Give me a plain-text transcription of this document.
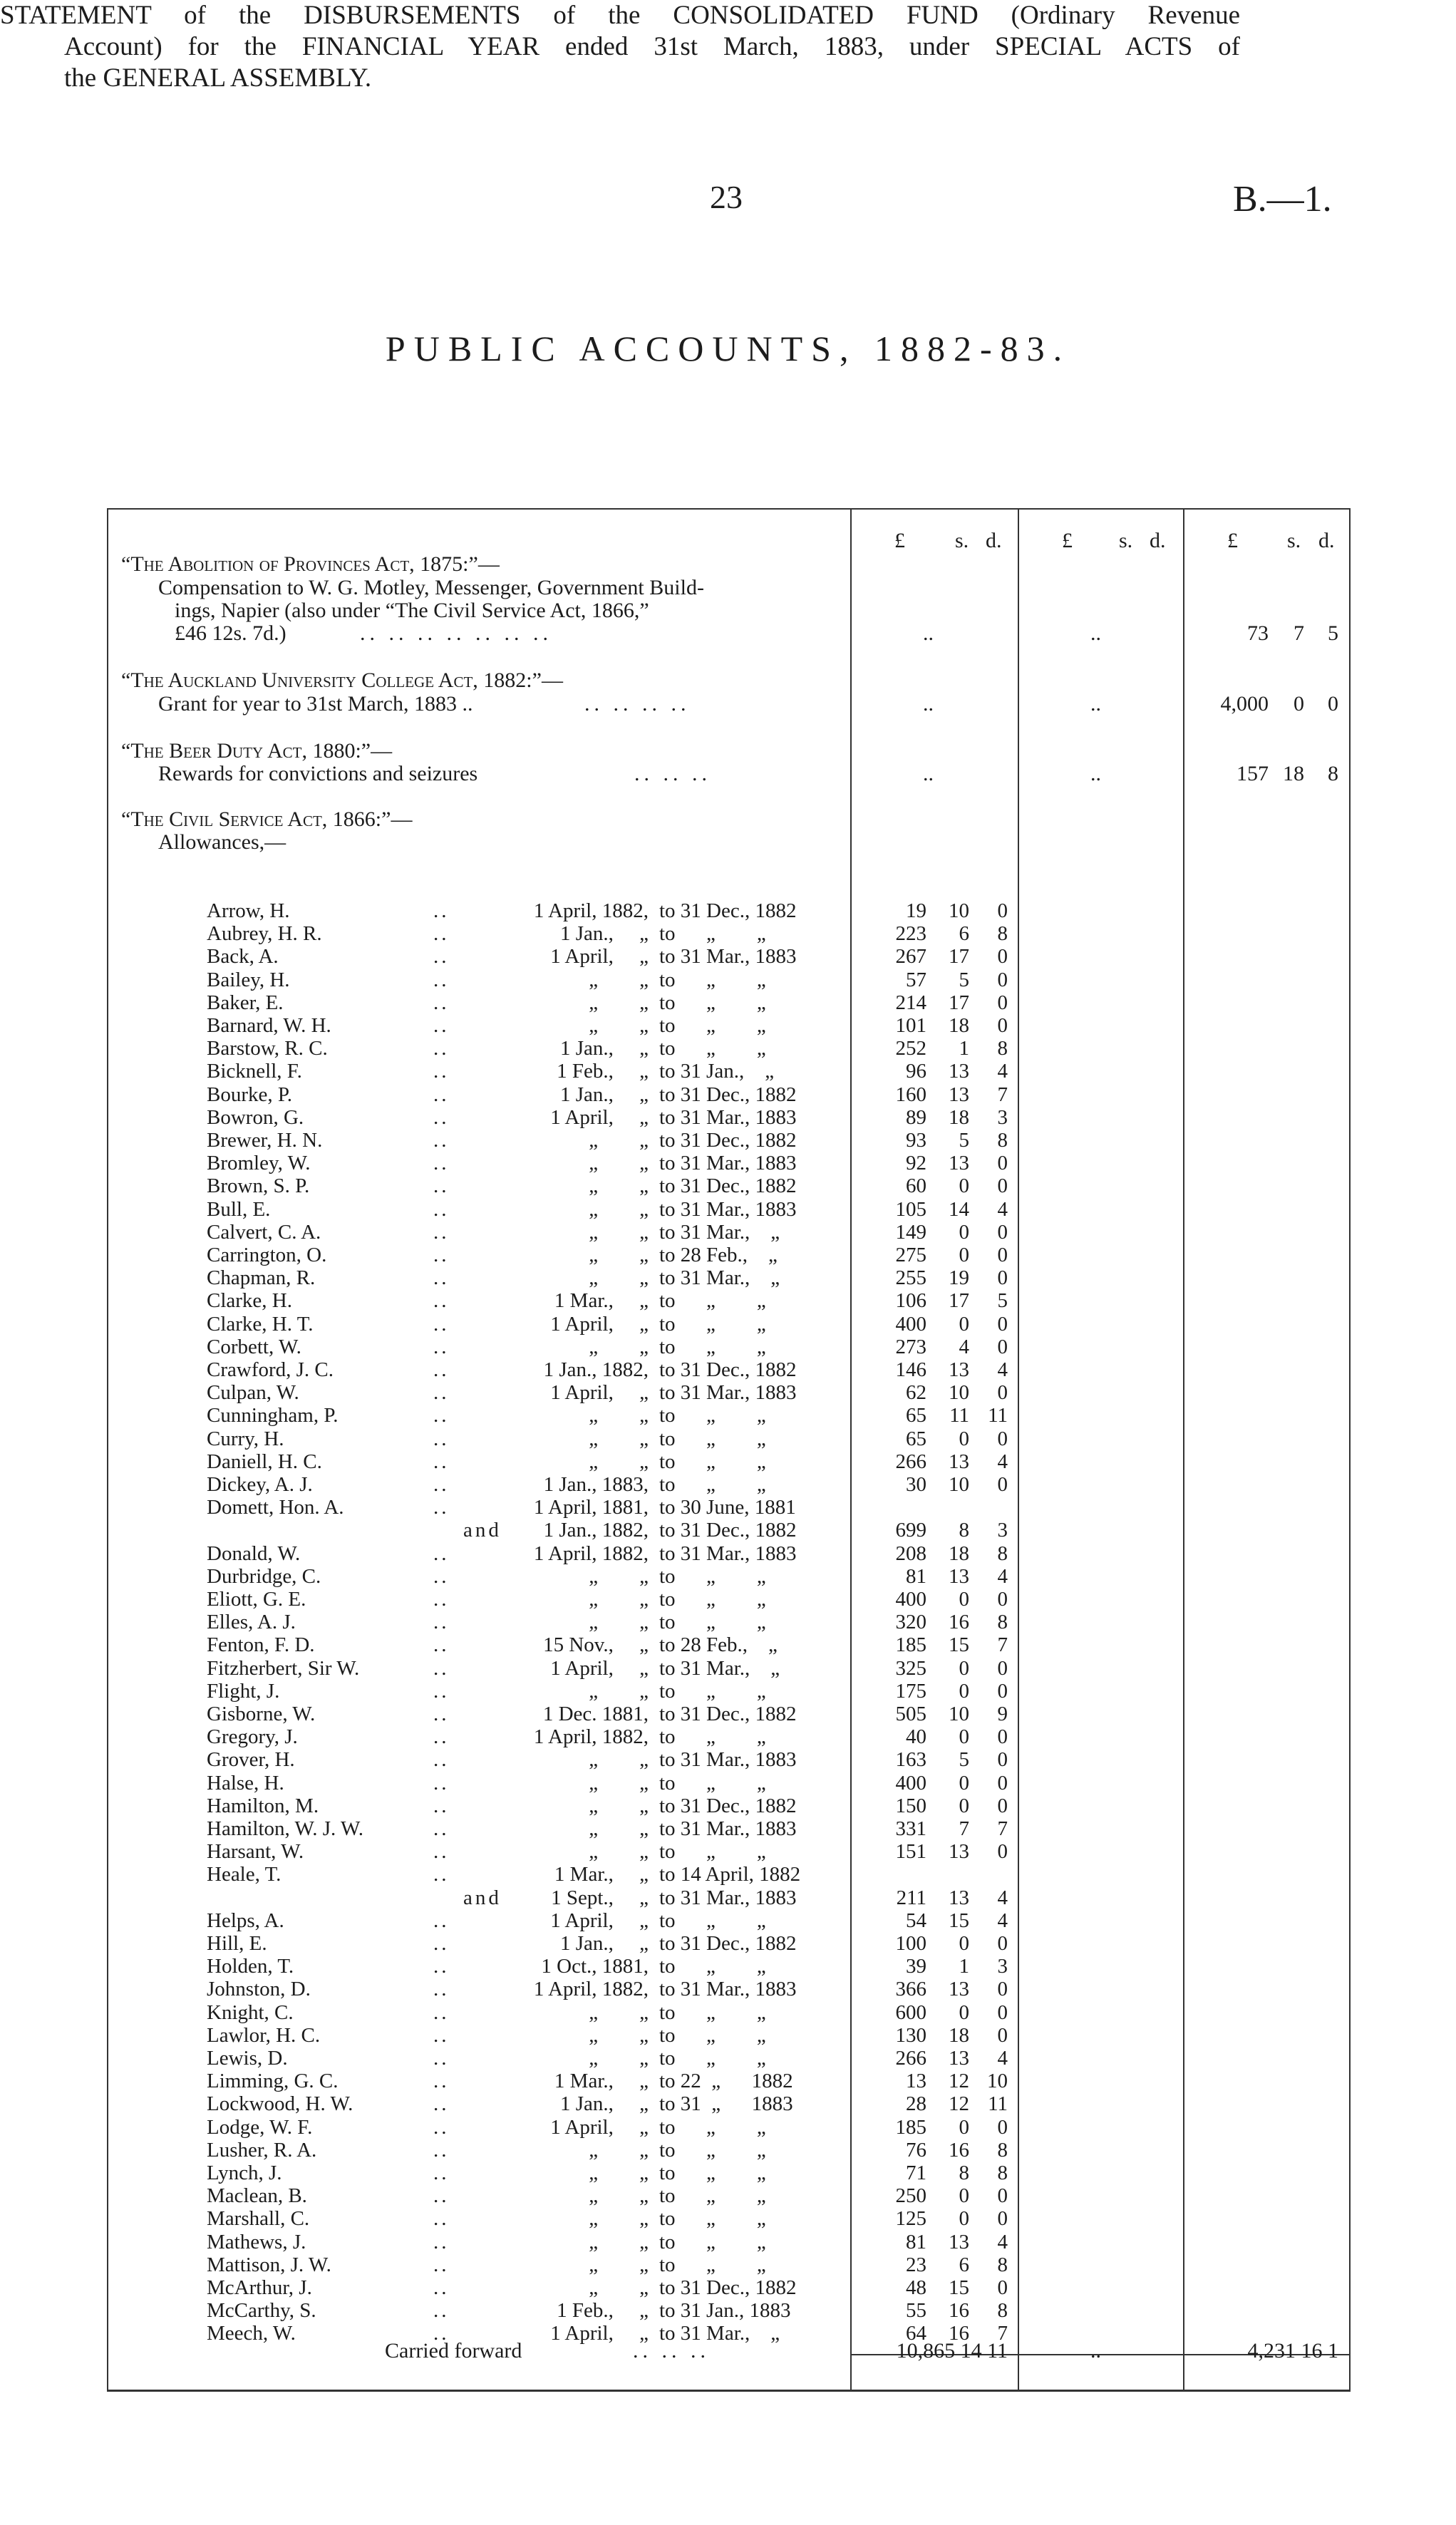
23	B.—1.
PUBLIC ACCOUNTS, 1882-83.
STATEMENT of the DISBURSEMENTS of the CONSOLIDATED FUND (Ordinary Revenue
Account) for the FINANCIAL YEAR ended 31st March, 1883, under SPECIAL ACTS of
the GENERAL ASSEMBLY.
£ s. d.	£ s. d.	£ s. d.
“The Abolition of Provinces Act, 1875:”—
Compensation to W. G. Motley, Messenger, Government Build-
ings, Napier (also under “The Civil Service Act, 1866,”
£46 12s. 7d.)	.. .. .. .. .. .. ..	..	..	73	7	5
“The Auckland University College Act, 1882:”—
Grant for year to 31st March, 1883 ..	.. .. .. ..	..	..	4,000	0	0
“The Beer Duty Act, 1880:”—
Rewards for convictions and seizures	.. .. ..	..	..	157 18	8
“The Civil Service Act, 1866:”—
Allowances,—
Arrow, H.	..	1 April, 1882, to 31 Dec., 1882	19	10	0
Aubrey, H. R.	..	1 Jan.,     „ to      „        „	223	6	8
Back, A.	..	1 April,     „ to 31 Mar., 1883	267	17	0
Bailey, H.	..	„        „ to      „        „	57	5	0
Baker, E.	..	„        „ to      „        „	214	17	0
Barnard, W. H.	..	„        „ to      „        „	101	18	0
Barstow, R. C.	..	1 Jan.,     „ to      „        „	252	1	8
Bicknell, F.	..	1 Feb.,     „ to 31 Jan.,    „	96	13	4
Bourke, P.	..	1 Jan.,     „ to 31 Dec., 1882	160	13	7
Bowron, G.	..	1 April,     „ to 31 Mar., 1883	89	18	3
Brewer, H. N.	..	„        „ to 31 Dec., 1882	93	5	8
Bromley, W.	..	„        „ to 31 Mar., 1883	92	13	0
Brown, S. P.	..	„        „ to 31 Dec., 1882	60	0	0
Bull, E.	..	„        „ to 31 Mar., 1883	105	14	4
Calvert, C. A.	..	„        „ to 31 Mar.,    „	149	0	0
Carrington, O.	..	„        „ to 28 Feb.,    „	275	0	0
Chapman, R.	..	„        „ to 31 Mar.,    „	255	19	0
Clarke, H.	..	1 Mar.,     „ to      „        „	106	17	5
Clarke, H. T.	..	1 April,     „ to      „        „	400	0	0
Corbett, W.	..	„        „ to      „        „	273	4	0
Crawford, J. C.	..	1 Jan., 1882, to 31 Dec., 1882	146	13	4
Culpan, W.	..	1 April,     „ to 31 Mar., 1883	62	10	0
Cunningham, P.	..	„        „ to      „        „	65	11 11
Curry, H.	..	„        „ to      „        „	65	0	0
Daniell, H. C.	..	„        „ to      „        „	266	13	4
Dickey, A. J.	..	1 Jan., 1883, to      „        „	30	10	0
Domett, Hon. A.	..	1 April, 1881, to 30 June, 1881
and	1 Jan., 1882, to 31 Dec., 1882	699	8	3
Donald, W.	..	1 April, 1882, to 31 Mar., 1883	208	18	8
Durbridge, C.	..	„        „ to      „        „	81	13	4
Eliott, G. E.	..	„        „ to      „        „	400	0	0
Elles, A. J.	..	„        „ to      „        „	320	16	8
Fenton, F. D.	..	15 Nov.,     „ to 28 Feb.,    „	185	15	7
Fitzherbert, Sir W.	..	1 April,     „ to 31 Mar.,    „	325	0	0
Flight, J.	..	„        „ to      „        „	175	0	0
Gisborne, W.	..	1 Dec. 1881, to 31 Dec., 1882	505	10	9
Gregory, J.	..	1 April, 1882, to      „        „	40	0	0
Grover, H.	..	„        „ to 31 Mar., 1883	163	5	0
Halse, H.	..	„        „ to      „        „	400	0	0
Hamilton, M.	..	„        „ to 31 Dec., 1882	150	0	0
Hamilton, W. J. W.	..	„        „ to 31 Mar., 1883	331	7	7
Harsant, W.	..	„        „ to      „        „	151	13	0
Heale, T.	..	1 Mar.,     „ to 14 April, 1882
and	1 Sept.,     „ to 31 Mar., 1883	211	13	4
Helps, A.	..	1 April,     „ to      „        „	54	15	4
Hill, E.	..	1 Jan.,     „ to 31 Dec., 1882	100	0	0
Holden, T.	..	1 Oct., 1881, to      „        „	39	1	3
Johnston, D.	..	1 April, 1882, to 31 Mar., 1883	366	13	0
Knight, C.	..	„        „ to      „        „	600	0	0
Lawlor, H. C.	..	„        „ to      „        „	130	18	0
Lewis, D.	..	„        „ to      „        „	266	13	4
Limming, G. C.	..	1 Mar.,     „ to 22  „      1882	13	12 10
Lockwood, H. W.	..	1 Jan.,     „ to 31  „      1883	28	12 11
Lodge, W. F.	..	1 April,     „ to      „        „	185	0	0
Lusher, R. A.	..	„        „ to      „        „	76	16	8
Lynch, J.	..	„        „ to      „        „	71	8	8
Maclean, B.	..	„        „ to      „        „	250	0	0
Marshall, C.	..	„        „ to      „        „	125	0	0
Mathews, J.	..	„        „ to      „        „	81	13	4
Mattison, J. W.	..	„        „ to      „        „	23	6	8
McArthur, J.	..	„        „ to 31 Dec., 1882	48	15	0
McCarthy, S.	..	1 Feb.,     „ to 31 Jan., 1883	55	16	8
Meech, W.	..	1 April,     „ to 31 Mar.,    „	64	16	7
Carried forward	.. .. ..	10,865 14 11	..	4,231 16 1
